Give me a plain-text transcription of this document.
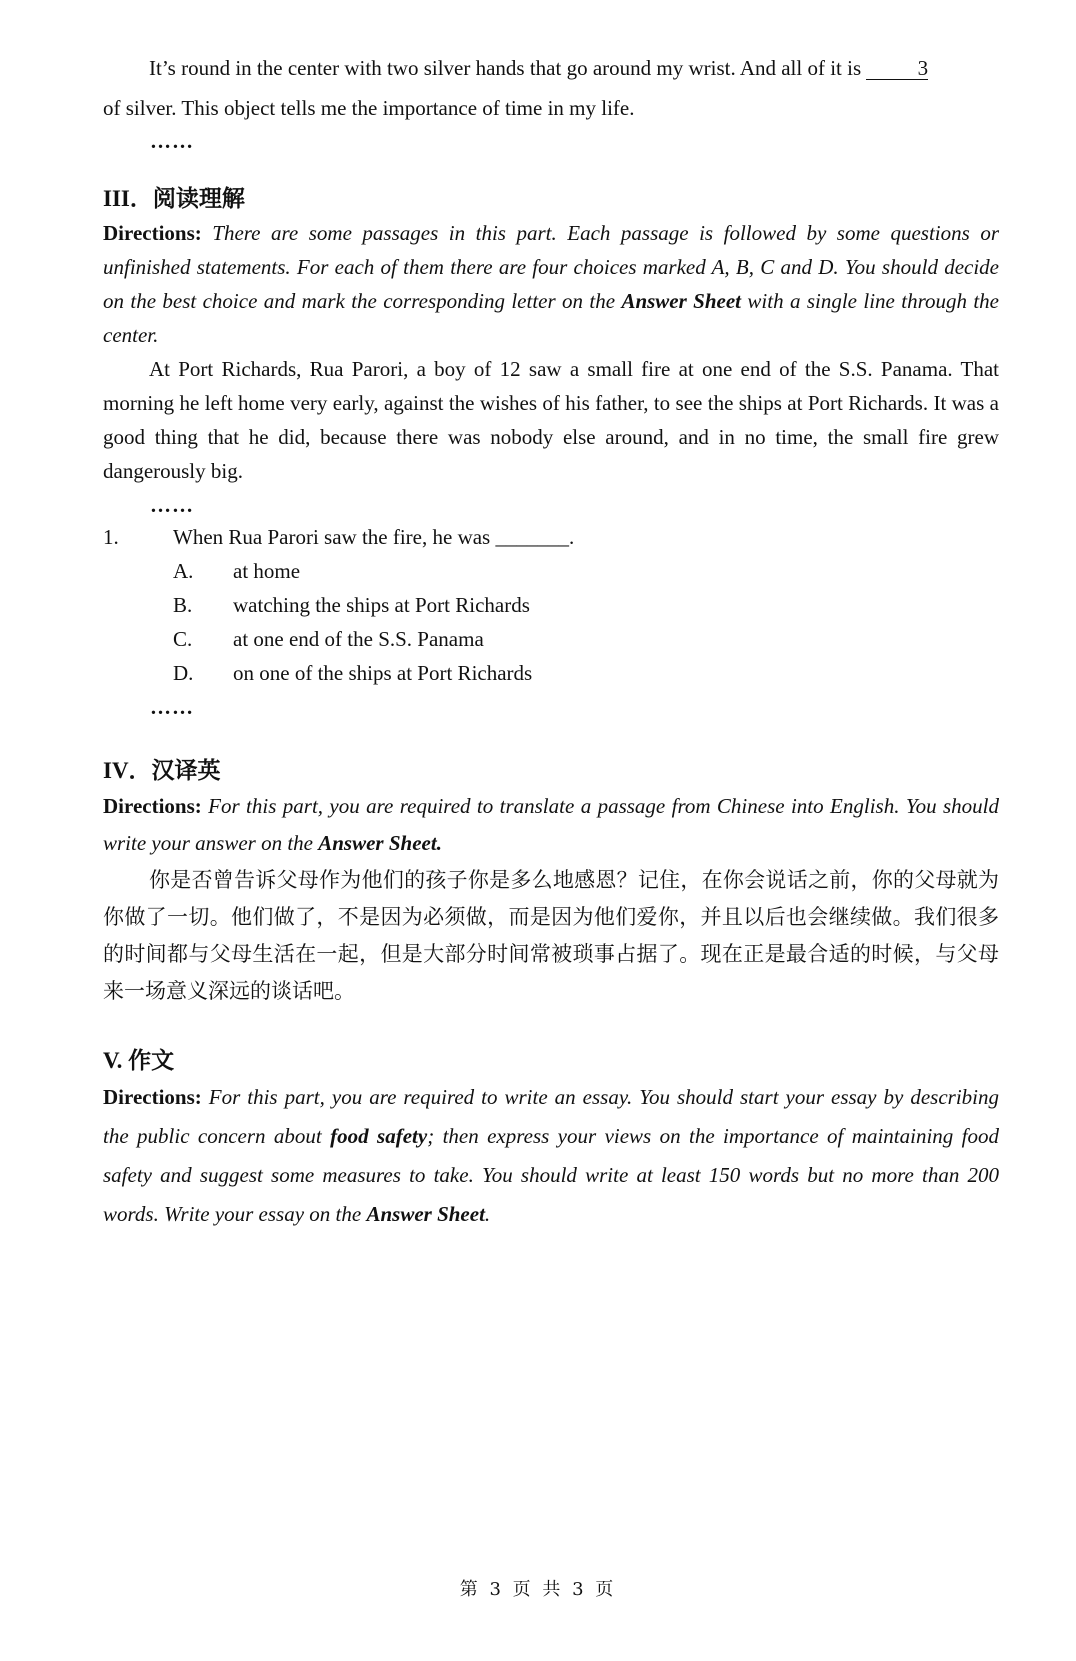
It’s round in the center with two silver hands that go around my wrist. And all of it is  3

of silver. This object tells me the importance of time in my life.

……

III．阅读理解

Directions: There are some passages in this part. Each passage is followed by some questions or unfinished statements. For each of them there are four choices marked A, B, C and D. You should decide on the best choice and mark the corresponding letter on the Answer Sheet with a single line through the center.

At Port Richards, Rua Parori, a boy of 12 saw a small fire at one end of the S.S. Panama. That morning he left home very early, against the wishes of his father, to see the ships at Port Richards. It was a good thing that he did, because there was nobody else around, and in no time, the small fire grew dangerously big.

……

1.	When Rua Parori saw the fire, he was _______.
A.	at home
B.	watching the ships at Port Richards
C.	at one end of the S.S. Panama
D.	on one of the ships at Port Richards

……

IV．汉译英

Directions: For this part, you are required to translate a passage from Chinese into English. You should write your answer on the Answer Sheet.

你是否曾告诉父母作为他们的孩子你是多么地感恩？记住，在你会说话之前，你的父母就为你做了一切。他们做了，不是因为必须做，而是因为他们爱你，并且以后也会继续做。我们很多的时间都与父母生活在一起，但是大部分时间常被琐事占据了。现在正是最合适的时候，与父母来一场意义深远的谈话吧。

V. 作文

Directions: For this part, you are required to write an essay. You should start your essay by describing the public concern about food safety; then express your views on the importance of maintaining food safety and suggest some measures to take. You should write at least 150 words but no more than 200 words. Write your essay on the Answer Sheet.

第 3 页 共 3 页
